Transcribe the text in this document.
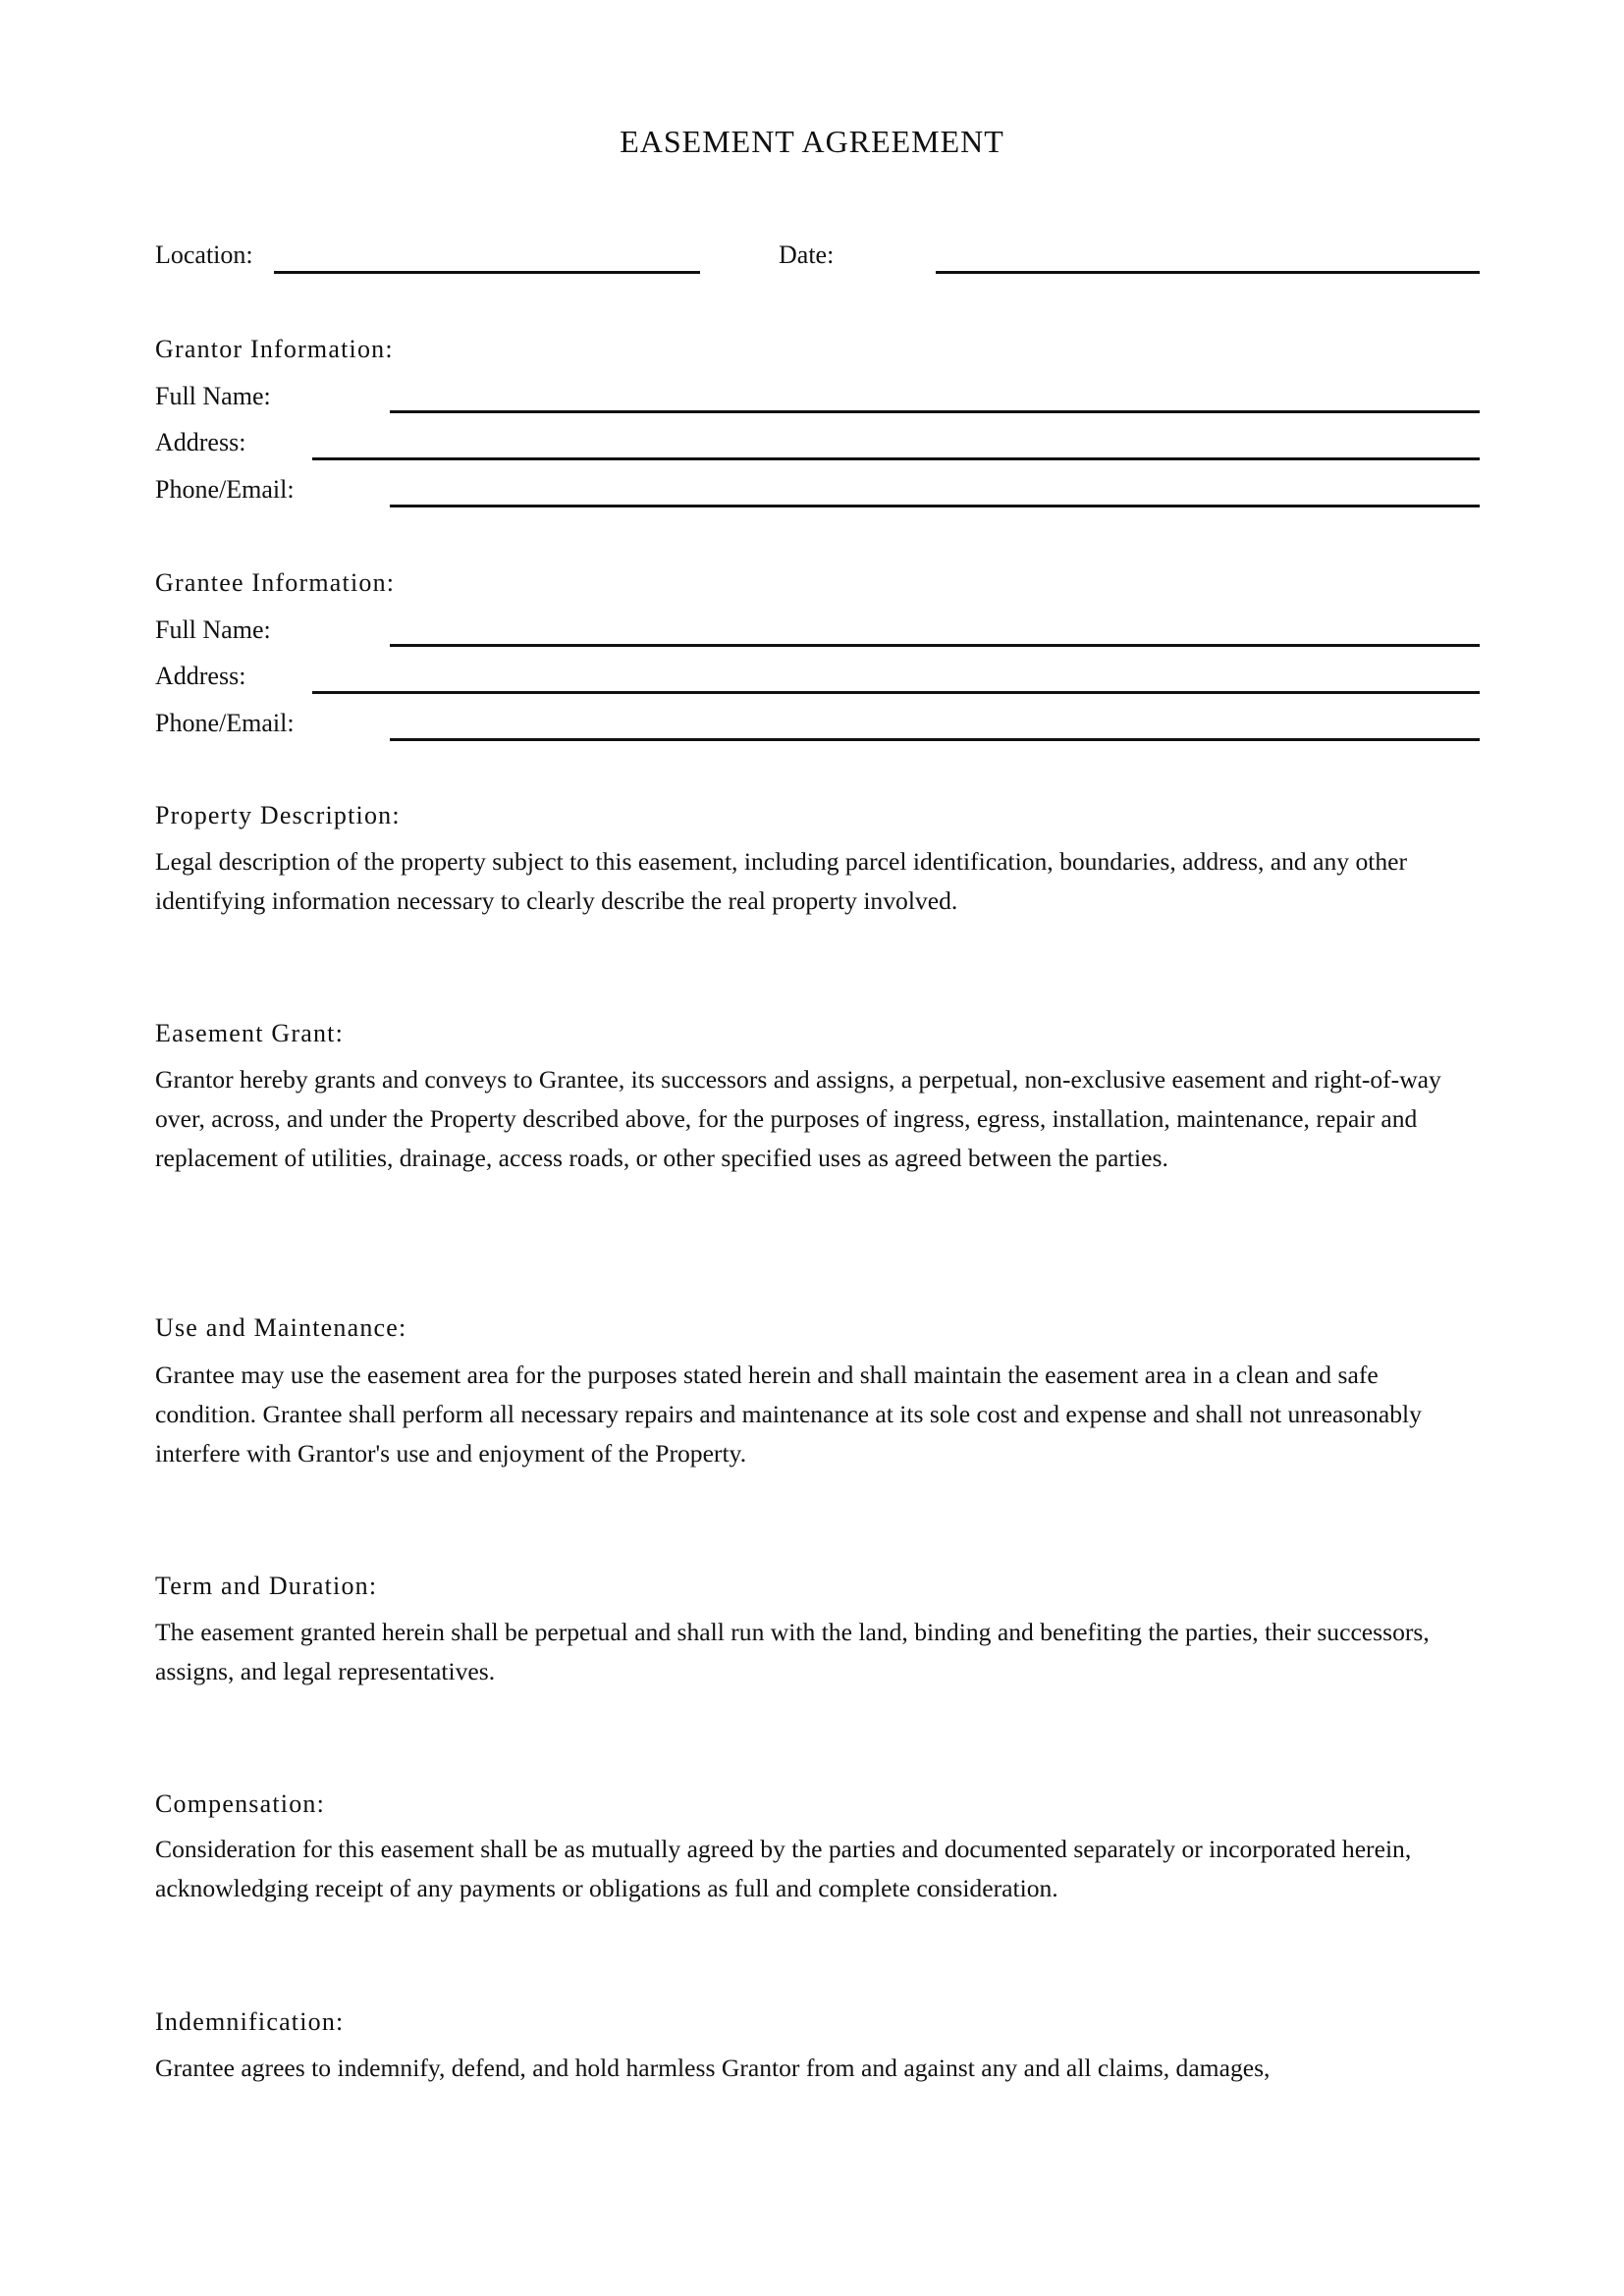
EASEMENT AGREEMENT
Location:	Date:
Grantor Information:
Full Name:
Address:
Phone/Email:
Grantee Information:
Full Name:
Address:
Phone/Email:
Property Description:

Legal description of the property subject to this easement, including parcel identification, boundaries, address, and any other identifying information necessary to clearly describe the real property involved.

Easement Grant:

Grantor hereby grants and conveys to Grantee, its successors and assigns, a perpetual, non-exclusive easement and right-of-way over, across, and under the Property described above, for the purposes of ingress, egress, installation, maintenance, repair and replacement of utilities, drainage, access roads, or other specified uses as agreed between the parties.

Use and Maintenance:

Grantee may use the easement area for the purposes stated herein and shall maintain the easement area in a clean and safe condition. Grantee shall perform all necessary repairs and maintenance at its sole cost and expense and shall not unreasonably interfere with Grantor's use and enjoyment of the Property.

Term and Duration:

The easement granted herein shall be perpetual and shall run with the land, binding and benefiting the parties, their successors, assigns, and legal representatives.

Compensation:

Consideration for this easement shall be as mutually agreed by the parties and documented separately or incorporated herein, acknowledging receipt of any payments or obligations as full and complete consideration.

Indemnification:

Grantee agrees to indemnify, defend, and hold harmless Grantor from and against any and all claims, damages,
